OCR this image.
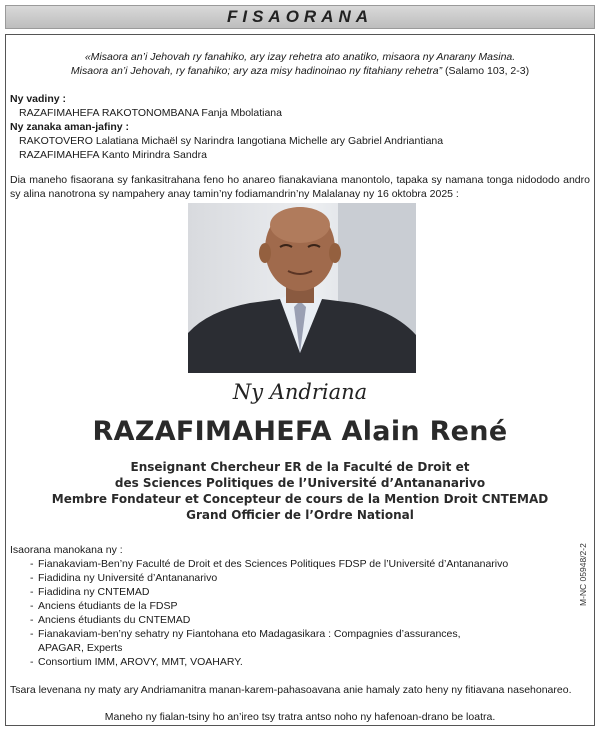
FISAORANA
«Misaora an’i Jehovah ry fanahiko, ary izay rehetra ato anatiko, misaora ny Anarany Masina.
Misaora an’i Jehovah, ry fanahiko; ary aza misy hadinoinao ny fitahiany rehetra” (Salamo 103, 2-3)
Ny vadiny :
RAZAFIMAHEFA RAKOTONOMBANA Fanja Mbolatiana
Ny zanaka aman-jafiny :
RAKOTOVERO Lalatiana Michaël sy Narindra Iangotiana Michelle ary Gabriel Andriantiana
RAZAFIMAHEFA Kanto Mirindra Sandra
Dia maneho fisaorana sy fankasitrahana feno ho anareo fianakaviana manontolo, tapaka sy namana tonga nidododo andro sy alina nanotrona sy nampahery anay tamin’ny fodiamandrin’ny Malalanay ny 16 oktobra 2025 :
Ny Andriana
RAZAFIMAHEFA Alain René
Enseignant Chercheur ER de la Faculté de Droit et
des Sciences Politiques de l’Université d’Antananarivo
Membre Fondateur et Concepteur de cours de la Mention Droit CNTEMAD
Grand Officier de l’Ordre National
Isaorana manokana ny :
- Fianakaviam-Ben’ny Faculté de Droit et des Sciences Politiques FDSP de l’Université d’Antananarivo
- Fiadidina ny Université d’Antananarivo
- Fiadidina ny CNTEMAD
- Anciens étudiants de la FDSP
- Anciens étudiants du CNTEMAD
- Fianakaviam-ben’ny sehatry ny Fiantohana eto Madagasikara : Compagnies d’assurances,
APAGAR, Experts
- Consortium IMM, AROVY, MMT, VOAHARY.
M-NC 05948/2-2
Tsara levenana ny maty ary Andriamanitra manan-karem-pahasoavana anie hamaly zato heny ny fitiavana nasehonareo.
Maneho ny fialan-tsiny ho an’ireo tsy tratra antso noho ny hafenoan-drano be loatra.
